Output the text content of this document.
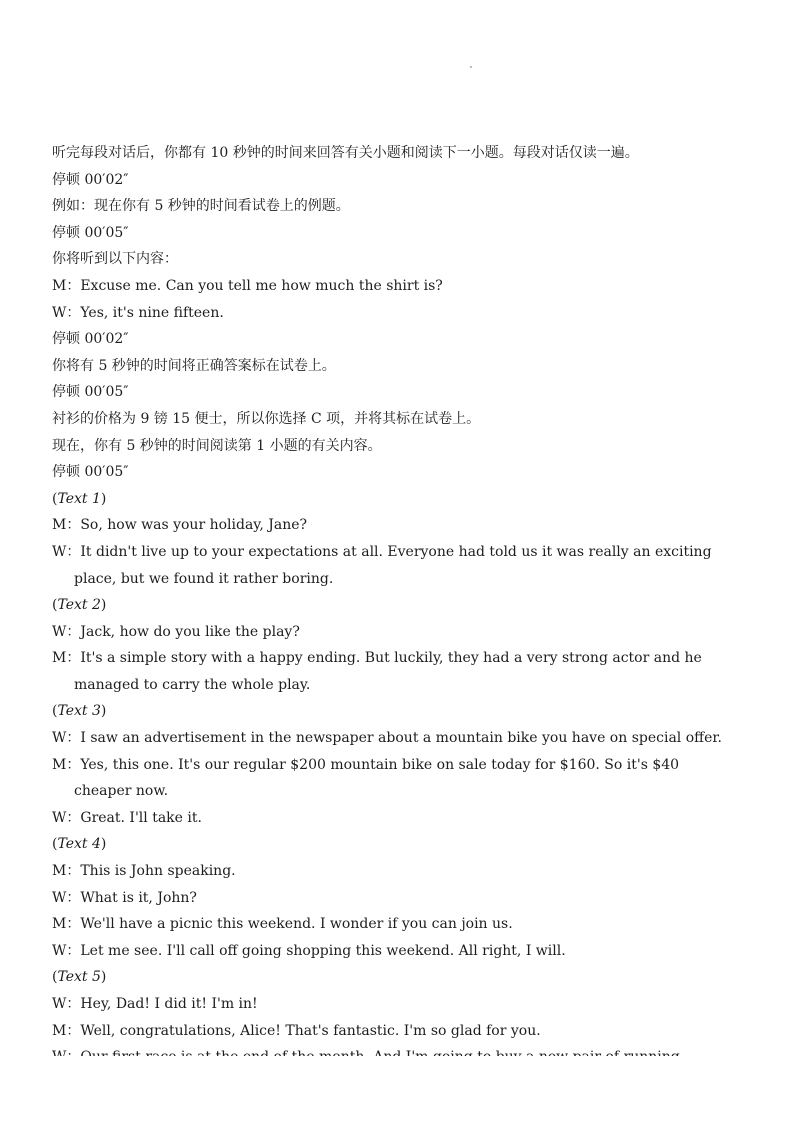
听完每段对话后，你都有 10 秒钟的时间来回答有关小题和阅读下一小题。每段对话仅读一遍。
停顿 00′02″
例如：现在你有 5 秒钟的时间看试卷上的例题。
停顿 00′05″
你将听到以下内容：
M：Excuse me. Can you tell me how much the shirt is?
W：Yes, it's nine fifteen.
停顿 00′02″
你将有 5 秒钟的时间将正确答案标在试卷上。
停顿 00′05″
衬衫的价格为 9 镑 15 便士，所以你选择 C 项，并将其标在试卷上。
现在，你有 5 秒钟的时间阅读第 1 小题的有关内容。
停顿 00′05″
(Text 1)
M：So, how was your holiday, Jane?
W：It didn't live up to your expectations at all. Everyone had told us it was really an exciting
place, but we found it rather boring.
(Text 2)
W：Jack, how do you like the play?
M：It's a simple story with a happy ending. But luckily, they had a very strong actor and he
managed to carry the whole play.
(Text 3)
W：I saw an advertisement in the newspaper about a mountain bike you have on special offer.
M：Yes, this one. It's our regular $200 mountain bike on sale today for $160. So it's $40
cheaper now.
W：Great. I'll take it.
(Text 4)
M：This is John speaking.
W：What is it, John?
M：We'll have a picnic this weekend. I wonder if you can join us.
W：Let me see. I'll call off going shopping this weekend. All right, I will.
(Text 5)
W：Hey, Dad! I did it! I'm in!
M：Well, congratulations, Alice! That's fantastic. I'm so glad for you.
